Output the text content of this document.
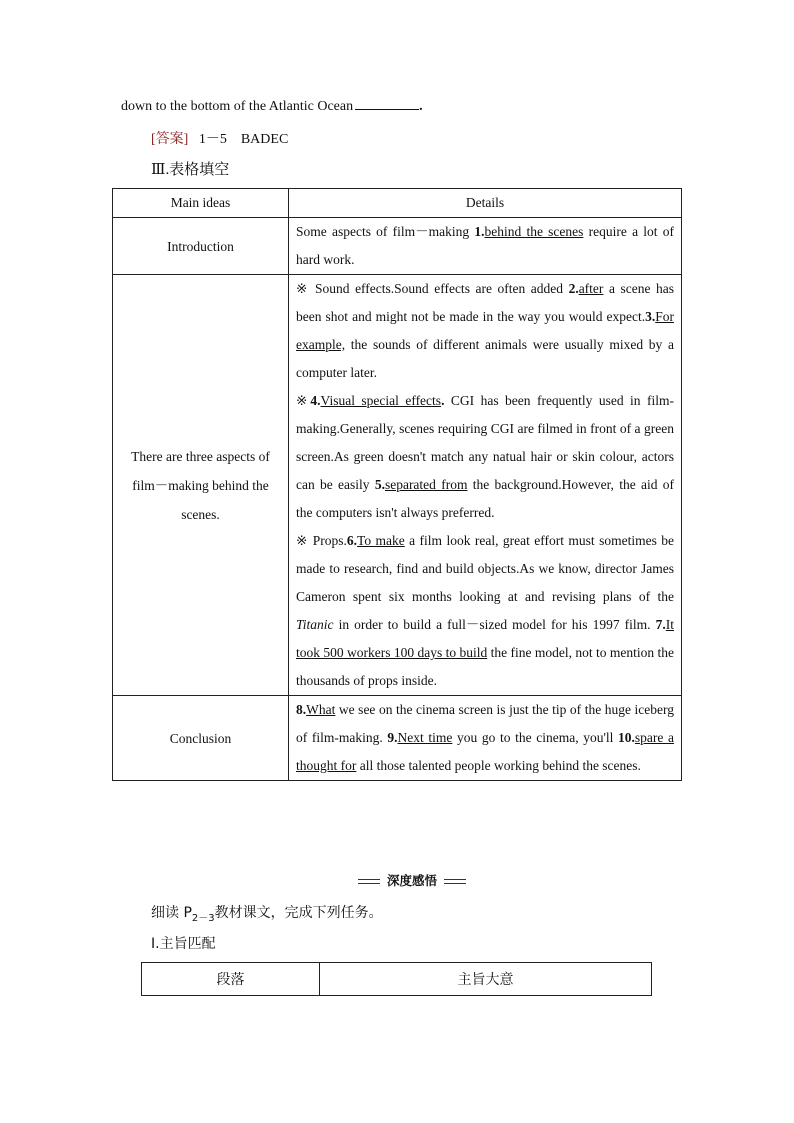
down to the bottom of the Atlantic Ocean	.
[答案] 1－5　BADEC
Ⅲ.表格填空
Main ideas	Details
Introduction	Some aspects of film－making 1.behind the scenes require a lot of hard work.
There are three aspects of film－making behind the scenes.	※ Sound effects.Sound effects are often added 2.after a scene has been shot and might not be made in the way you would expect.3.For example, the sounds of different animals were usually mixed by a computer later.
※4.Visual special effects. CGI has been frequently used in film-making.Generally, scenes requiring CGI are filmed in front of a green screen.As green doesn't match any natual hair or skin colour, actors can be easily 5.separated from the background.However, the aid of the computers isn't always preferred.
※ Props.6.To make a film look real, great effort must sometimes be made to research, find and build objects.As we know, director James Cameron spent six months looking at and revising plans of the Titanic in order to build a full－sized model for his 1997 film. 7.It took 500 workers 100 days to build the fine model, not to mention the thousands of props inside.
Conclusion	8.What we see on the cinema screen is just the tip of the huge iceberg of film-making. 9.Next time you go to the cinema, you'll 10.spare a thought for all those talented people working behind the scenes.
深度感悟
细读 $P_{2-3}$教材课文，完成下列任务。
Ⅰ.主旨匹配
段落	主旨大意
